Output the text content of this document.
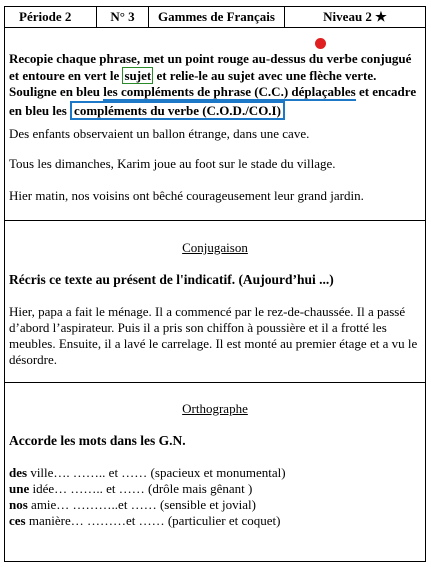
Période 2	N° 3	Gammes de Français	Niveau 2 ★
Recopie chaque phrase, met un point rouge au-dessus du verbe conjugué et entoure en vert le sujet et relie-le au sujet avec une flèche verte. Souligne en bleu les compléments de phrase (C.C.) déplaçables et encadre en bleu les compléments du verbe (C.O.D./CO.I)
Des enfants observaient un ballon étrange, dans une cave.
Tous les dimanches, Karim joue au foot sur le stade du village.
Hier matin, nos voisins ont bêché courageusement leur grand jardin.
Conjugaison
Récris ce texte au présent de l'indicatif. (Aujourd’hui ...)
Hier, papa a fait le ménage. Il a commencé par le rez-de-chaussée. Il a passé d’abord l’aspirateur. Puis il a pris son chiffon à poussière et il a frotté les meubles. Ensuite, il a lavé le carrelage. Il est monté au premier étage et a vu le désordre.
Orthographe
Accorde les mots dans les G.N.
des ville…. …….. et …… (spacieux et monumental)
une idée… …….. et …… (drôle mais gênant )
nos amie… ………..et …… (sensible et jovial)
ces manière… ………et …… (particulier et coquet)
